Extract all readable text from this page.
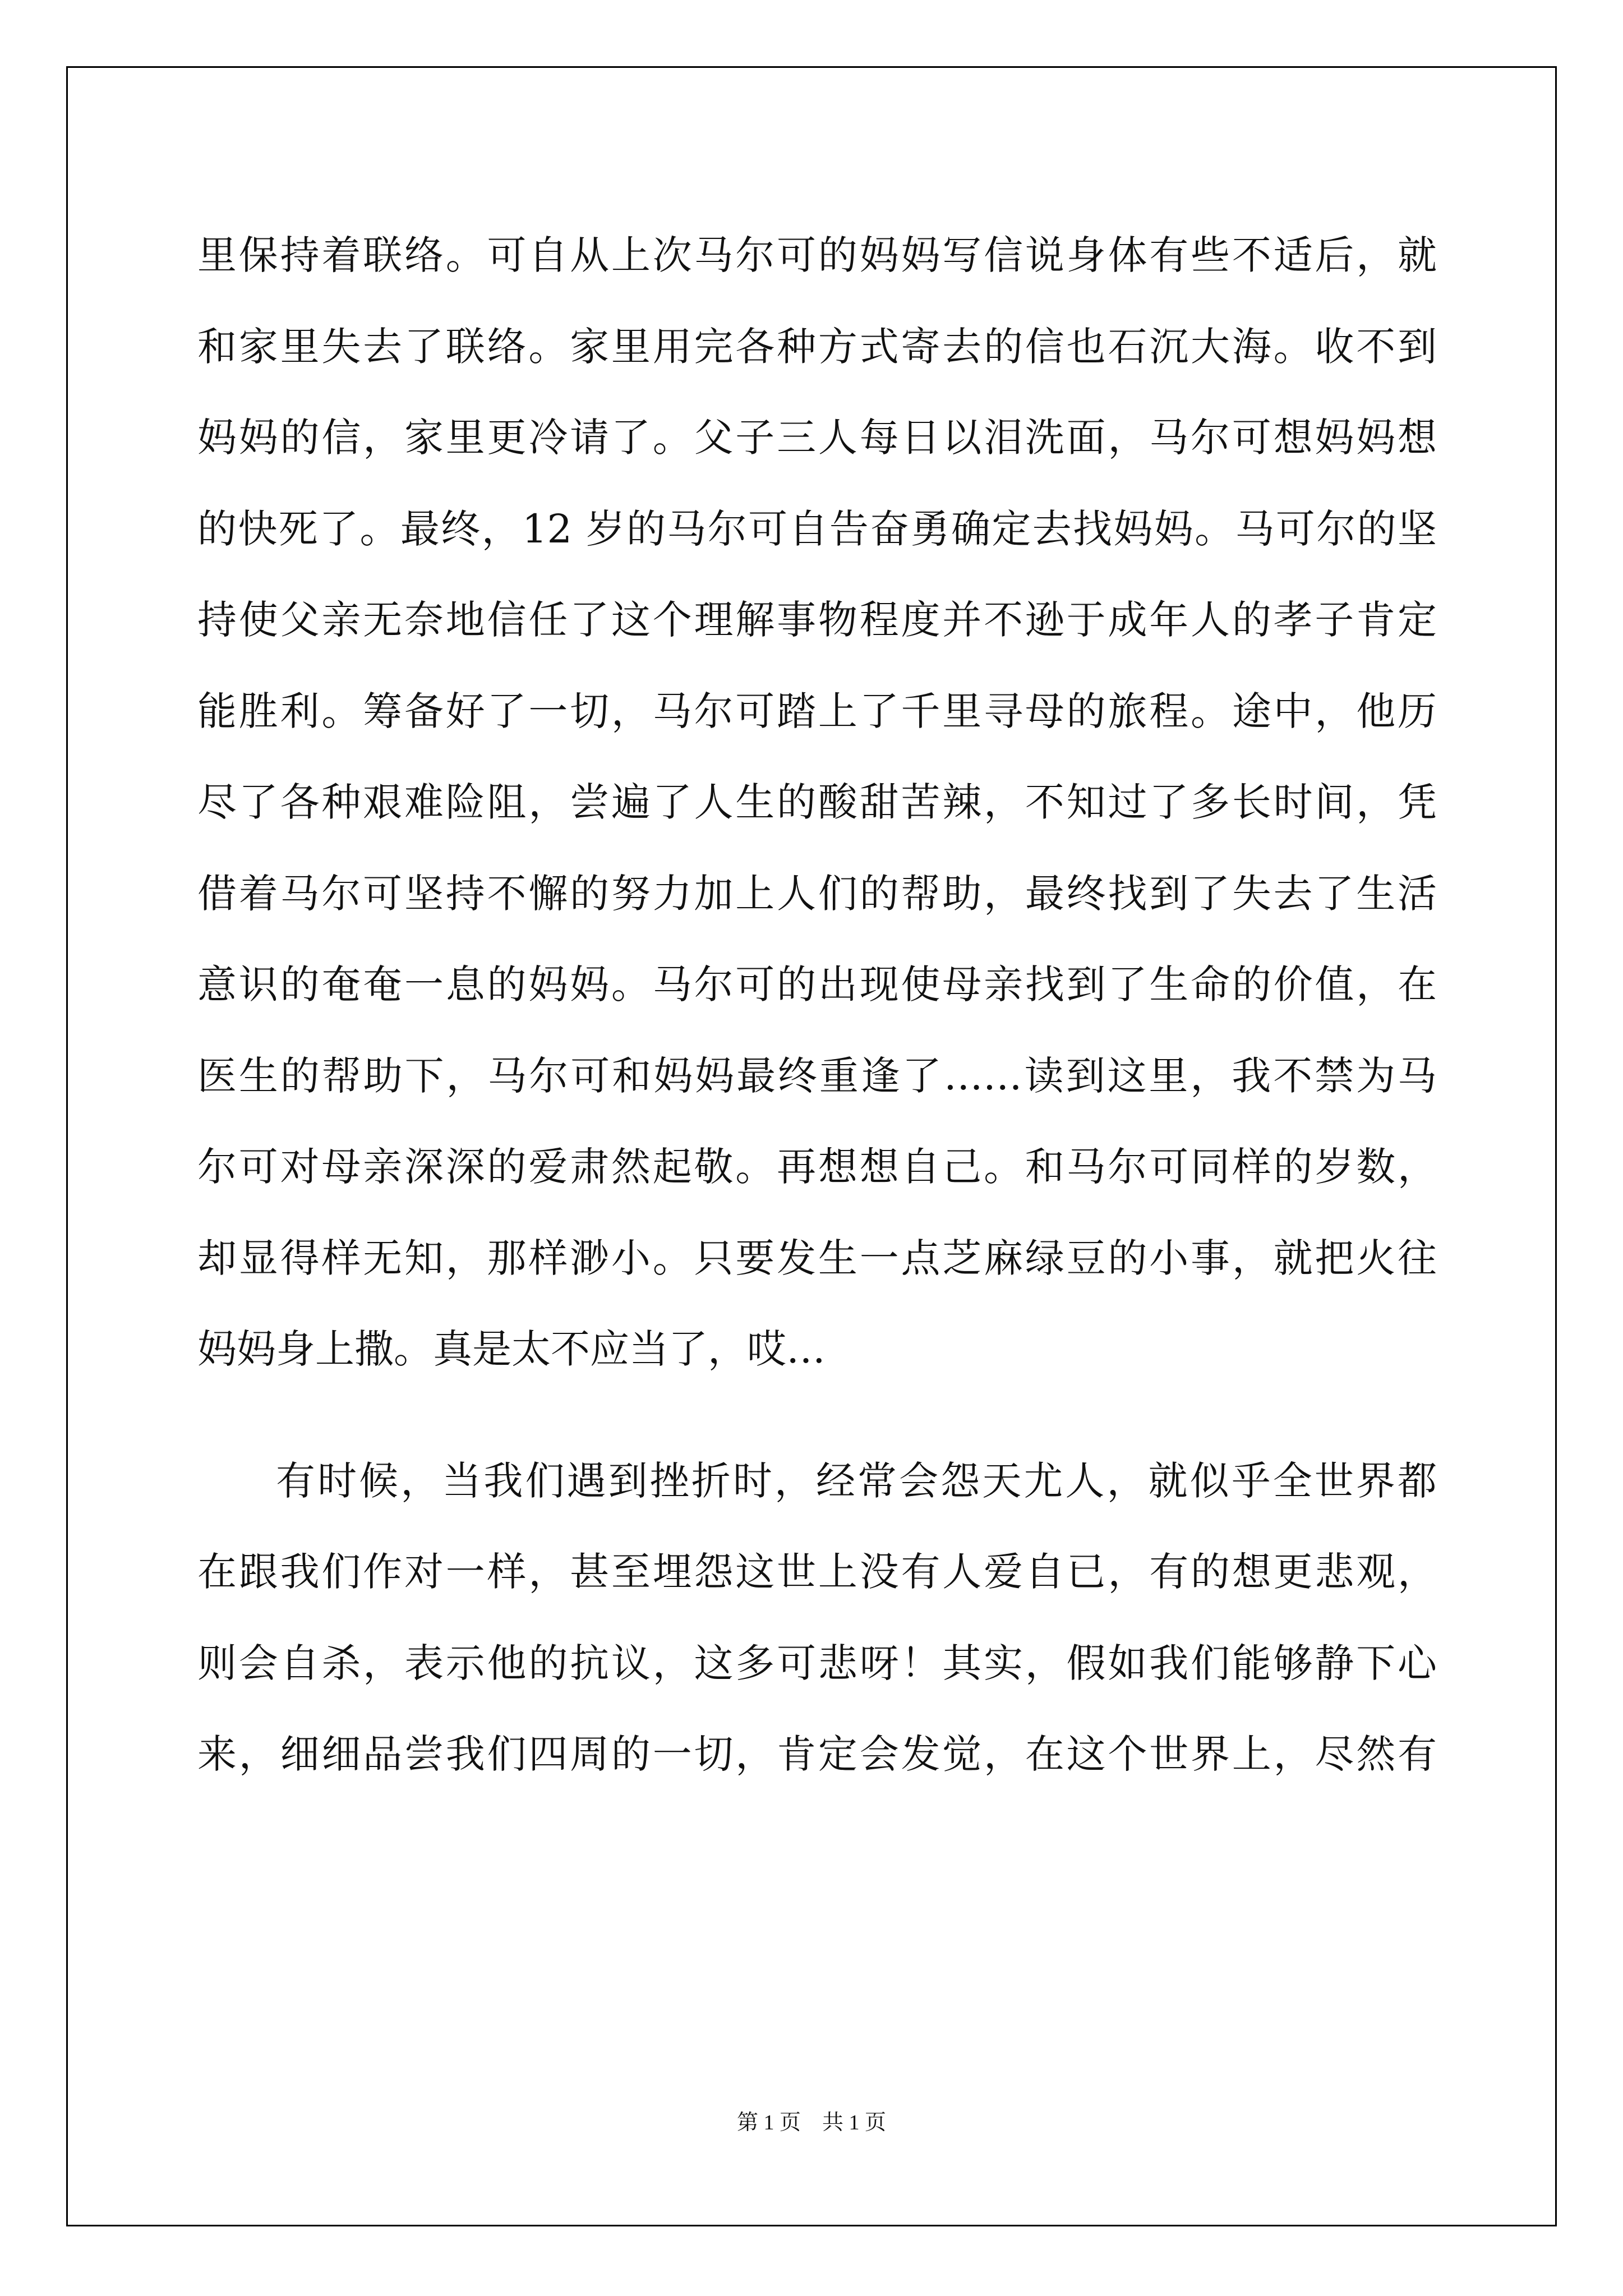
里保持着联络。可自从上次马尔可的妈妈写信说身体有些不适后，就
和家里失去了联络。家里用完各种方式寄去的信也石沉大海。收不到
妈妈的信，家里更冷请了。父子三人每日以泪洗面，马尔可想妈妈想
的快死了。最终，12 岁的马尔可自告奋勇确定去找妈妈。马可尔的坚
持使父亲无奈地信任了这个理解事物程度并不逊于成年人的孝子肯定
能胜利。筹备好了一切，马尔可踏上了千里寻母的旅程。途中，他历
尽了各种艰难险阻，尝遍了人生的酸甜苦辣，不知过了多长时间，凭
借着马尔可坚持不懈的努力加上人们的帮助，最终找到了失去了生活
意识的奄奄一息的妈妈。马尔可的出现使母亲找到了生命的价值，在
医生的帮助下，马尔可和妈妈最终重逢了……读到这里，我不禁为马
尔可对母亲深深的爱肃然起敬。再想想自己。和马尔可同样的岁数，
却显得样无知，那样渺小。只要发生一点芝麻绿豆的小事，就把火往
妈妈身上撒。真是太不应当了，哎…
有时候，当我们遇到挫折时，经常会怨天尤人，就似乎全世界都
在跟我们作对一样，甚至埋怨这世上没有人爱自已，有的想更悲观，
则会自杀，表示他的抗议，这多可悲呀！其实，假如我们能够静下心
来，细细品尝我们四周的一切，肯定会发觉，在这个世界上，尽然有
第 1 页    共 1 页
